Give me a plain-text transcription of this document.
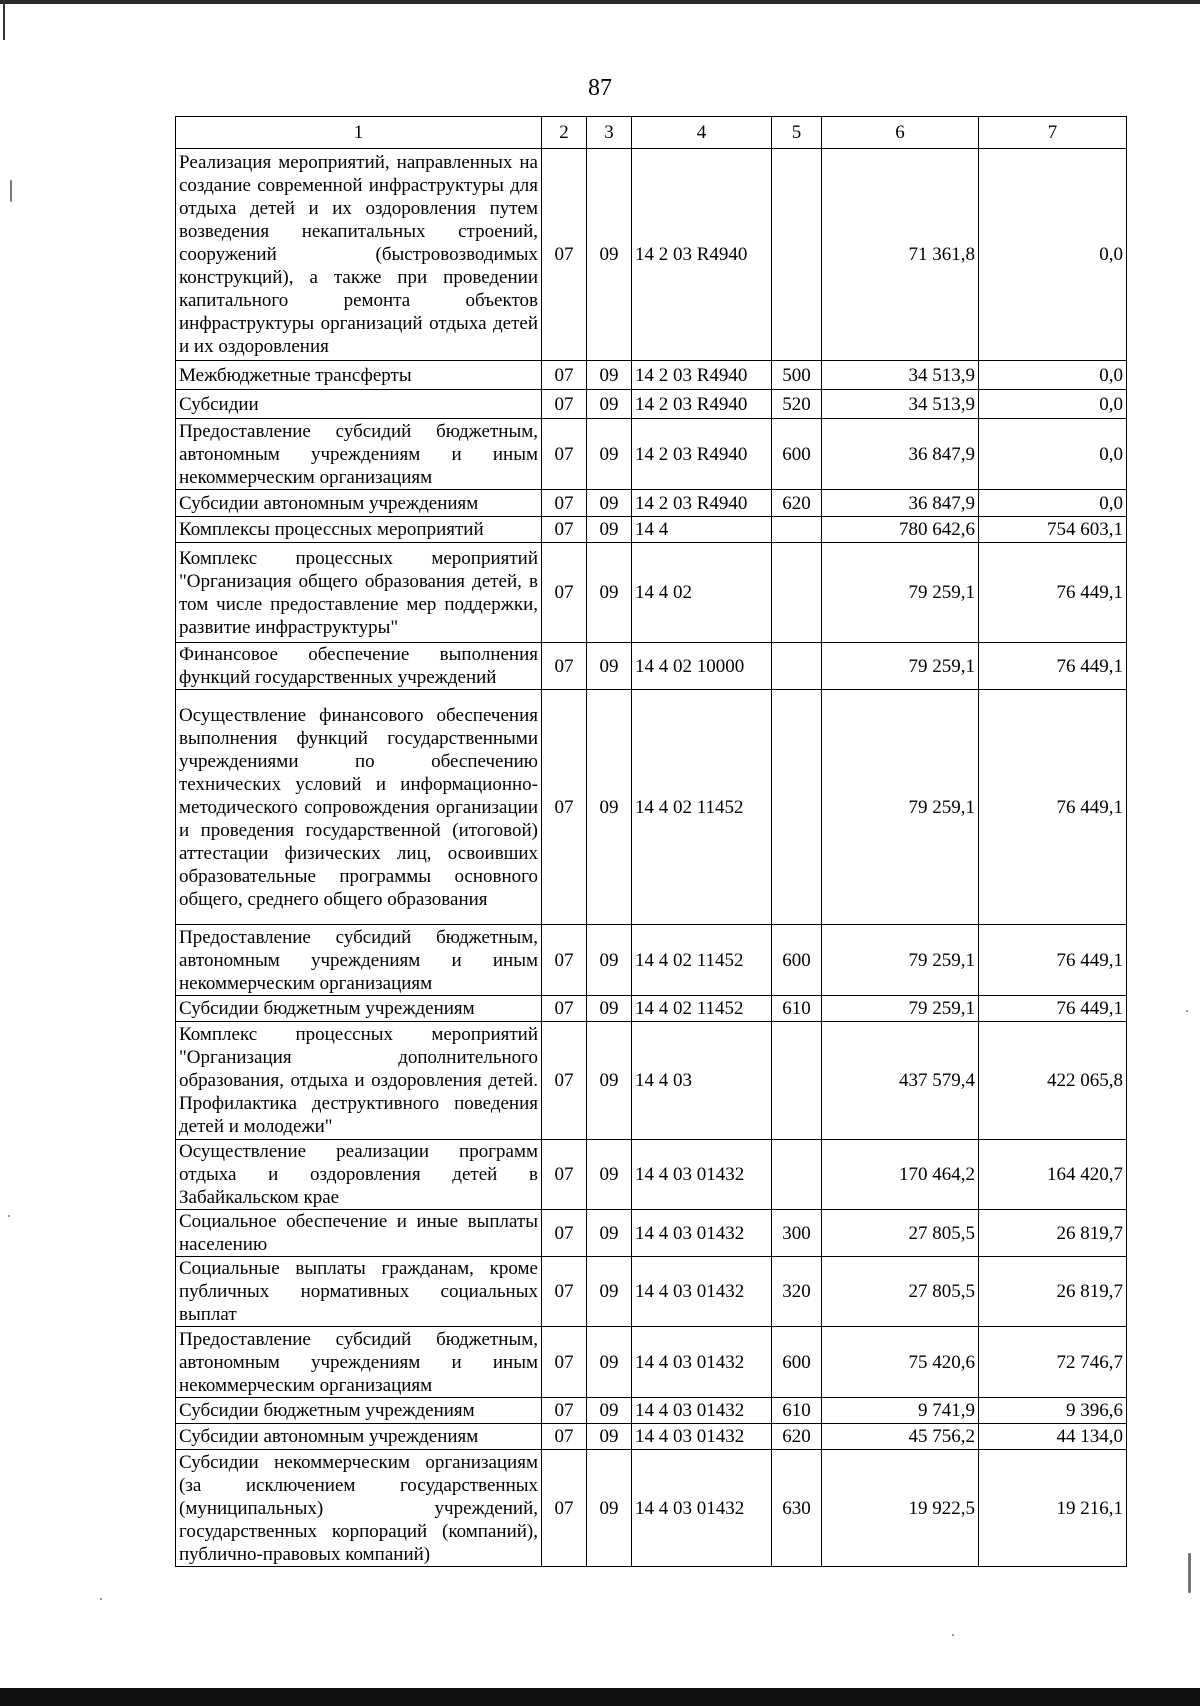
87
1	2	3	4	5	6	7
Реализация мероприятий, направленных на создание современной инфраструктуры для отдыха детей и их оздоровления путем возведения некапитальных строений, сооружений (быстровозводимых конструкций), а также при проведении капитального ремонта объектов инфраструктуры организаций отдыха детей и их оздоровления	07	09	14 2 03 R4940		71 361,8	0,0
Межбюджетные трансферты	07	09	14 2 03 R4940	500	34 513,9	0,0
Субсидии	07	09	14 2 03 R4940	520	34 513,9	0,0
Предоставление субсидий бюджетным, автономным учреждениям и иным некоммерческим организациям	07	09	14 2 03 R4940	600	36 847,9	0,0
Субсидии автономным учреждениям	07	09	14 2 03 R4940	620	36 847,9	0,0
Комплексы процессных мероприятий	07	09	14 4		780 642,6	754 603,1
Комплекс процессных мероприятий "Организация общего образования детей, в том числе предоставление мер поддержки, развитие инфраструктуры"	07	09	14 4 02		79 259,1	76 449,1
Финансовое обеспечение выполнения функций государственных учреждений	07	09	14 4 02 10000		79 259,1	76 449,1
Осуществление финансового обеспечения выполнения функций государственными учреждениями по обеспечению технических условий и информационно-методического сопровождения организации и проведения государственной (итоговой) аттестации физических лиц, освоивших образовательные программы основного общего, среднего общего образования	07	09	14 4 02 11452		79 259,1	76 449,1
Предоставление субсидий бюджетным, автономным учреждениям и иным некоммерческим организациям	07	09	14 4 02 11452	600	79 259,1	76 449,1
Субсидии бюджетным учреждениям	07	09	14 4 02 11452	610	79 259,1	76 449,1
Комплекс процессных мероприятий "Организация дополнительного образования, отдыха и оздоровления детей. Профилактика деструктивного поведения детей и молодежи"	07	09	14 4 03		437 579,4	422 065,8
Осуществление реализации программ отдыха и оздоровления детей в Забайкальском крае	07	09	14 4 03 01432		170 464,2	164 420,7
Социальное обеспечение и иные выплаты населению	07	09	14 4 03 01432	300	27 805,5	26 819,7
Социальные выплаты гражданам, кроме публичных нормативных социальных выплат	07	09	14 4 03 01432	320	27 805,5	26 819,7
Предоставление субсидий бюджетным, автономным учреждениям и иным некоммерческим организациям	07	09	14 4 03 01432	600	75 420,6	72 746,7
Субсидии бюджетным учреждениям	07	09	14 4 03 01432	610	9 741,9	9 396,6
Субсидии автономным учреждениям	07	09	14 4 03 01432	620	45 756,2	44 134,0
Субсидии некоммерческим организациям (за исключением государственных (муниципальных) учреждений, государственных корпораций (компаний), публично-правовых компаний)	07	09	14 4 03 01432	630	19 922,5	19 216,1
